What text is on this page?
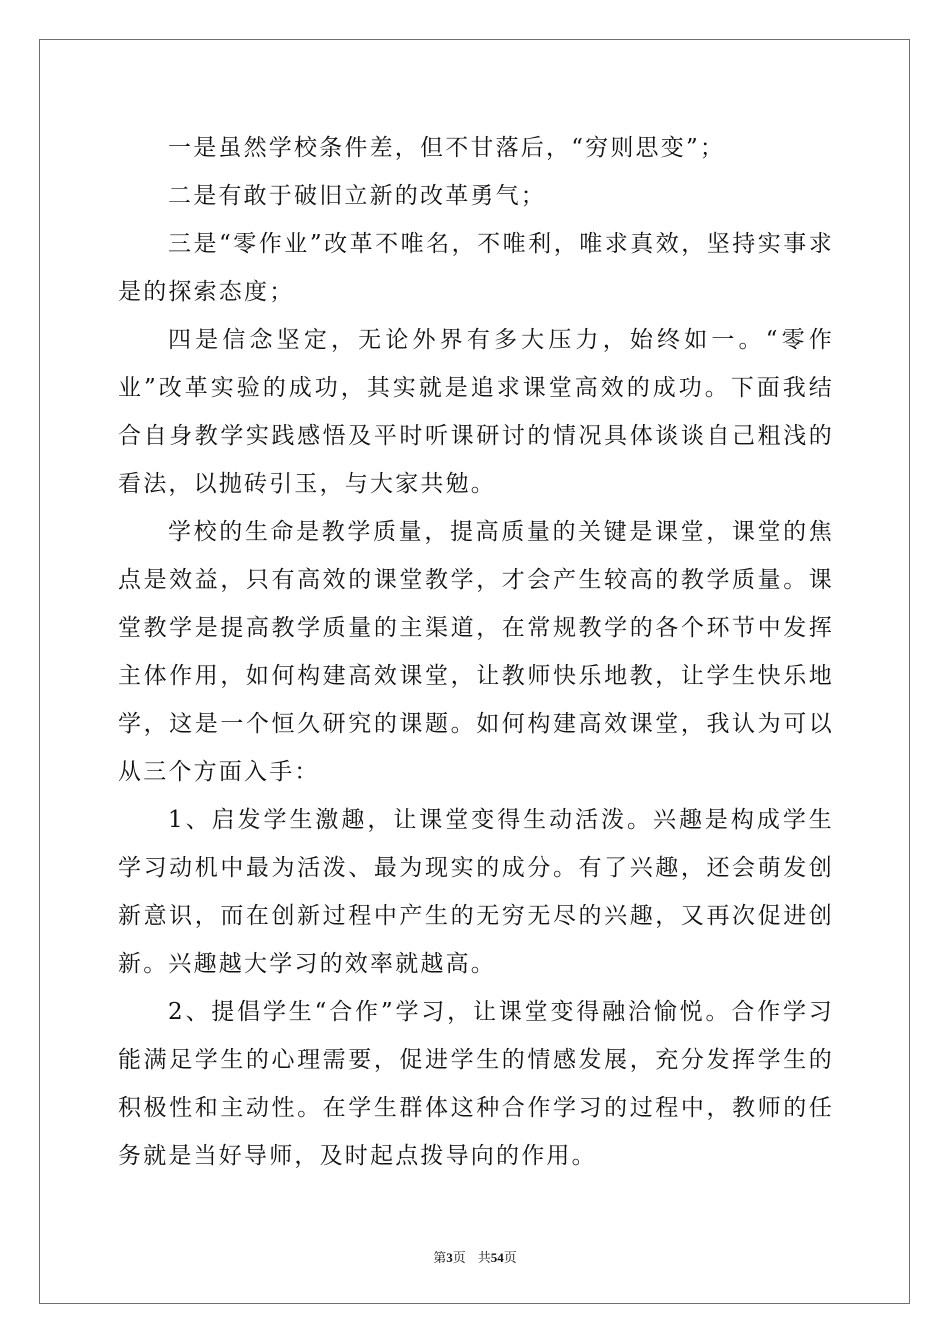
一是虽然学校条件差，但不甘落后，“穷则思变”；

二是有敢于破旧立新的改革勇气；

三是“零作业”改革不唯名，不唯利，唯求真效，坚持实事求是的探索态度；

四是信念坚定，无论外界有多大压力，始终如一。“零作业”改革实验的成功，其实就是追求课堂高效的成功。下面我结合自身教学实践感悟及平时听课研讨的情况具体谈谈自己粗浅的看法，以抛砖引玉，与大家共勉。

学校的生命是教学质量，提高质量的关键是课堂，课堂的焦点是效益，只有高效的课堂教学，才会产生较高的教学质量。课堂教学是提高教学质量的主渠道，在常规教学的各个环节中发挥主体作用，如何构建高效课堂，让教师快乐地教，让学生快乐地学，这是一个恒久研究的课题。如何构建高效课堂，我认为可以从三个方面入手：

1、启发学生激趣，让课堂变得生动活泼。兴趣是构成学生学习动机中最为活泼、最为现实的成分。有了兴趣，还会萌发创新意识，而在创新过程中产生的无穷无尽的兴趣，又再次促进创新。兴趣越大学习的效率就越高。

2、提倡学生“合作”学习，让课堂变得融洽愉悦。合作学习能满足学生的心理需要，促进学生的情感发展，充分发挥学生的积极性和主动性。在学生群体这种合作学习的过程中，教师的任务就是当好导师，及时起点拨导向的作用。

第3页 共54页
